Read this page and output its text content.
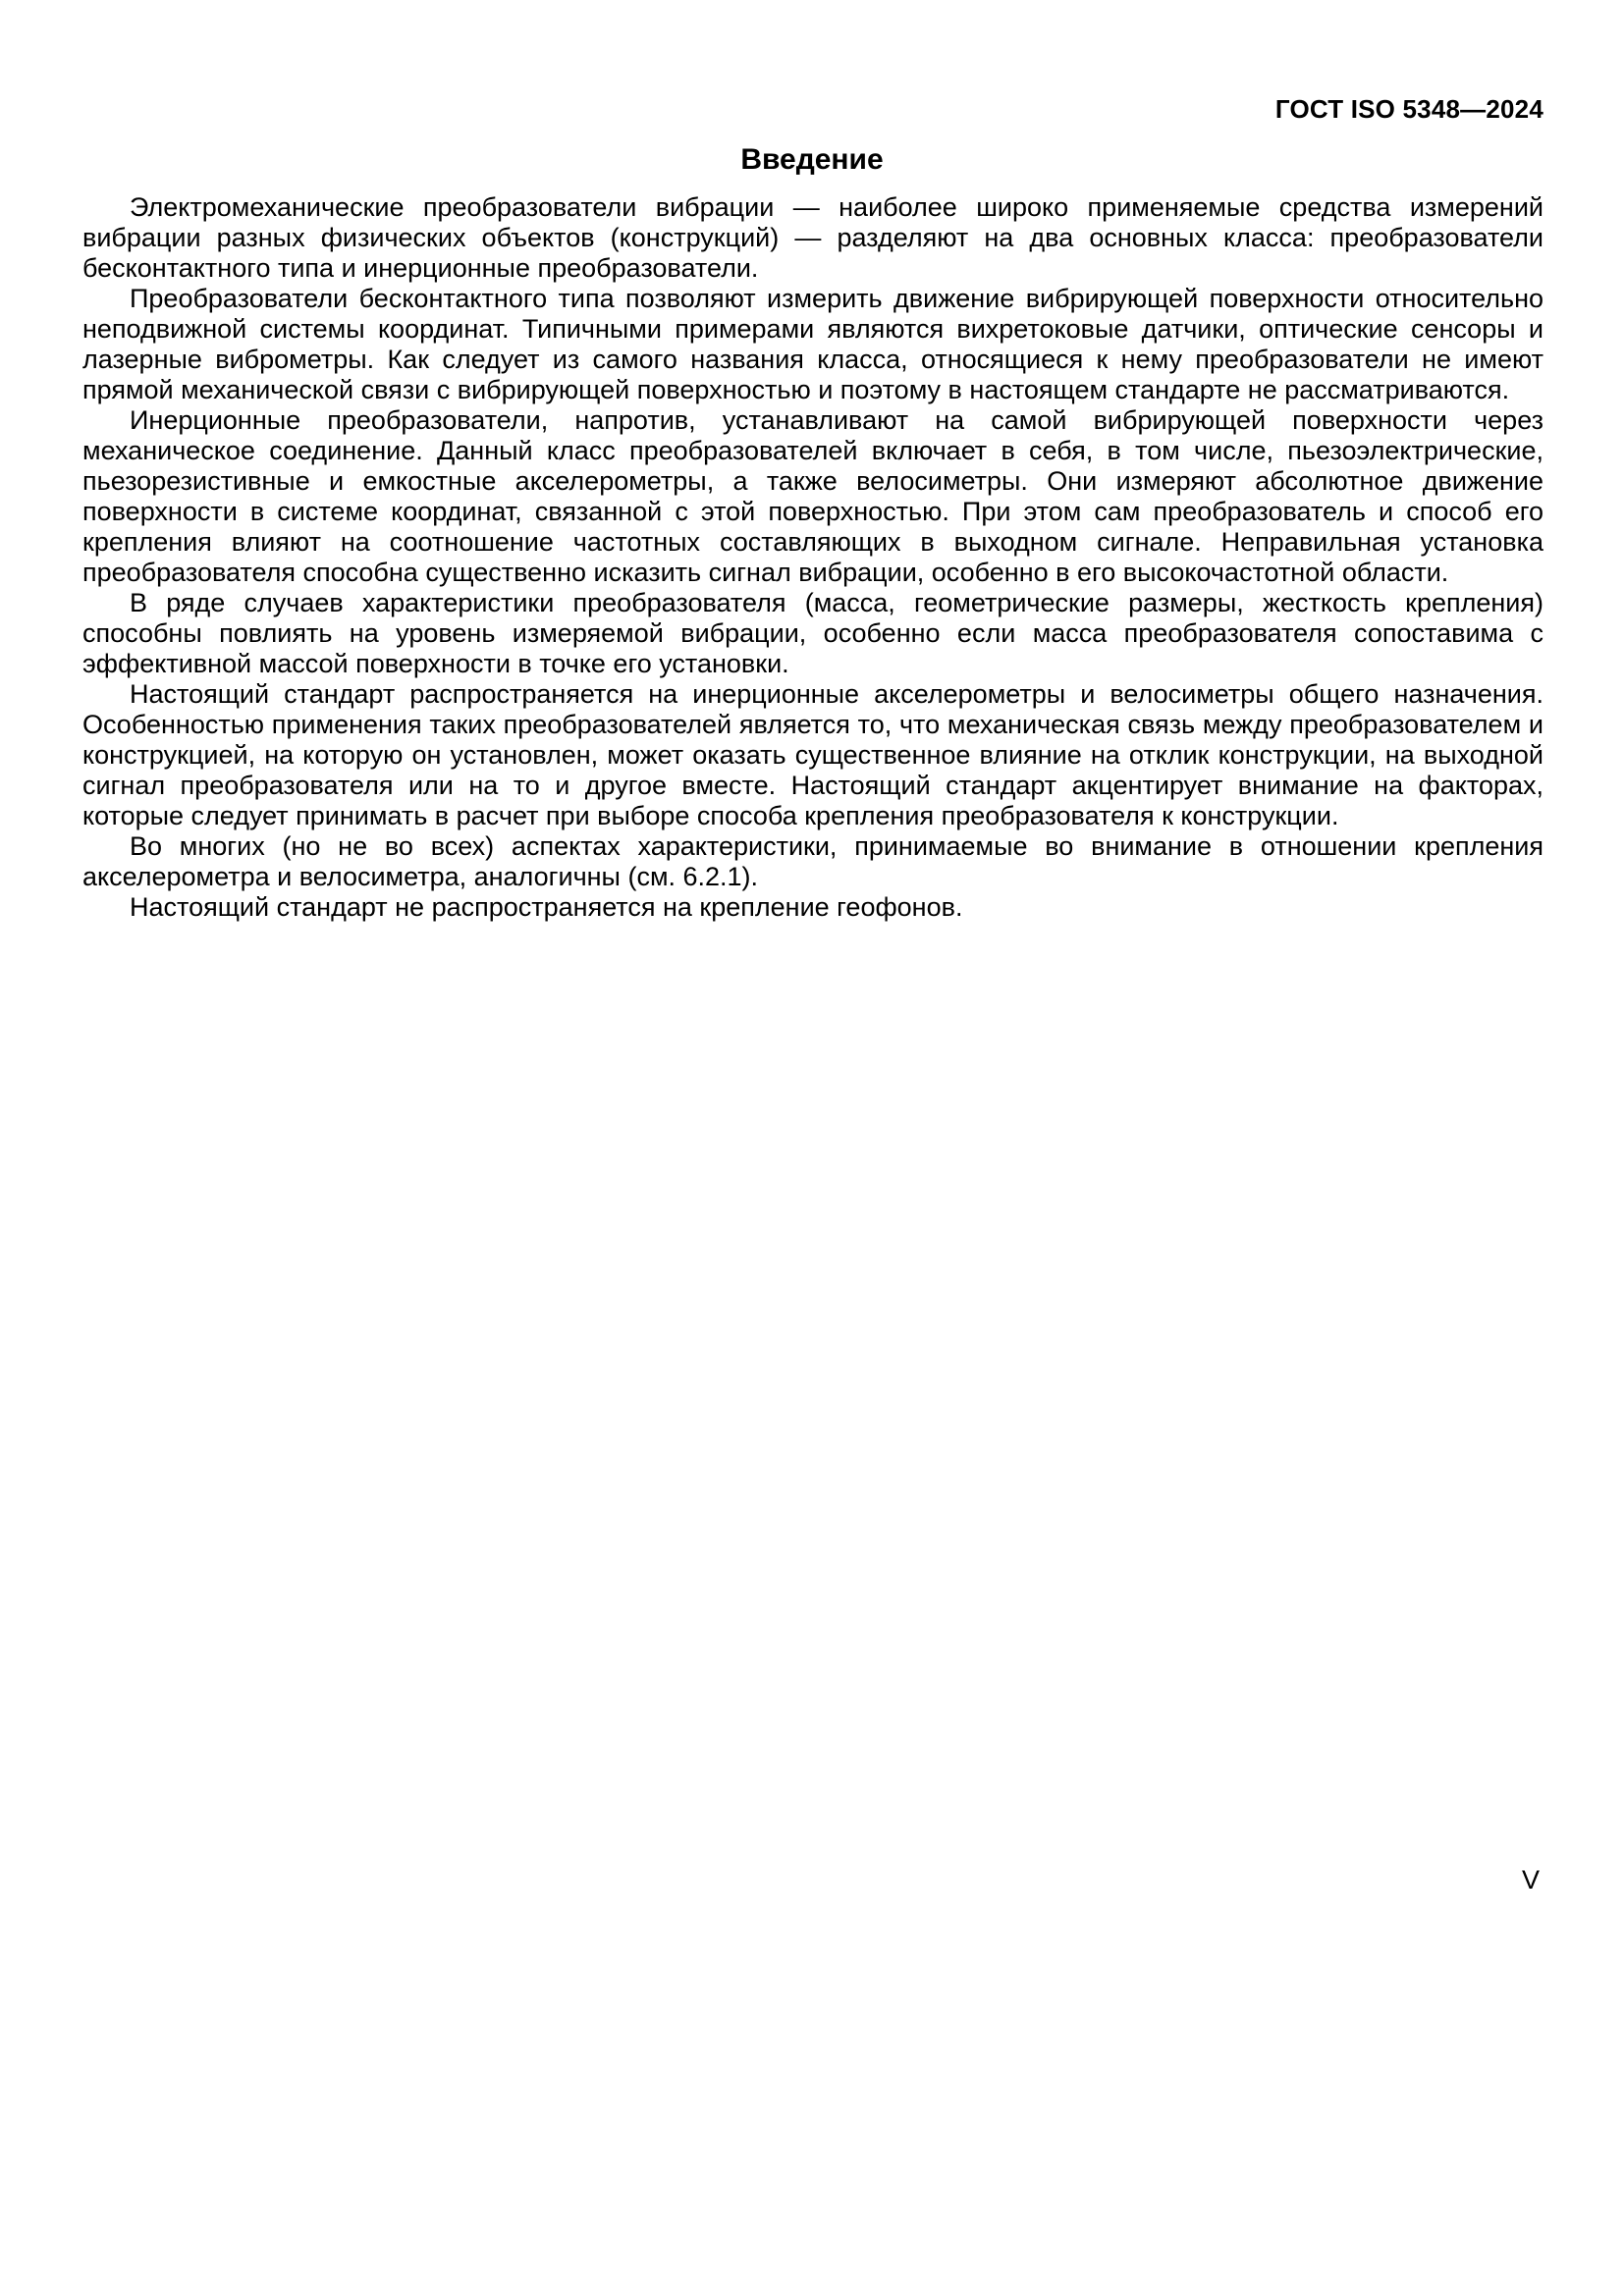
ГОСТ ISO 5348—2024
Введение

Электромеханические преобразователи вибрации — наиболее широко применяемые средства измерений вибрации разных физических объектов (конструкций) — разделяют на два основных класса: преобразователи бесконтактного типа и инерционные преобразователи.

Преобразователи бесконтактного типа позволяют измерить движение вибрирующей поверхности относительно неподвижной системы координат. Типичными примерами являются вихретоковые датчики, оптические сенсоры и лазерные виброметры. Как следует из самого названия класса, относящиеся к нему преобразователи не имеют прямой механической связи с вибрирующей поверхностью и поэтому в настоящем стандарте не рассматриваются.

Инерционные преобразователи, напротив, устанавливают на самой вибрирующей поверхности через механическое соединение. Данный класс преобразователей включает в себя, в том числе, пьезоэлектрические, пьезорезистивные и емкостные акселерометры, а также велосиметры. Они измеряют абсолютное движение поверхности в системе координат, связанной с этой поверхностью. При этом сам преобразователь и способ его крепления влияют на соотношение частотных составляющих в выходном сигнале. Неправильная установка преобразователя способна существенно исказить сигнал вибрации, особенно в его высокочастотной области.

В ряде случаев характеристики преобразователя (масса, геометрические размеры, жесткость крепления) способны повлиять на уровень измеряемой вибрации, особенно если масса преобразователя сопоставима с эффективной массой поверхности в точке его установки.

Настоящий стандарт распространяется на инерционные акселерометры и велосиметры общего назначения. Особенностью применения таких преобразователей является то, что механическая связь между преобразователем и конструкцией, на которую он установлен, может оказать существенное влияние на отклик конструкции, на выходной сигнал преобразователя или на то и другое вместе. Настоящий стандарт акцентирует внимание на факторах, которые следует принимать в расчет при выборе способа крепления преобразователя к конструкции.

Во многих (но не во всех) аспектах характеристики, принимаемые во внимание в отношении крепления акселерометра и велосиметра, аналогичны (см. 6.2.1).

Настоящий стандарт не распространяется на крепление геофонов.

V
